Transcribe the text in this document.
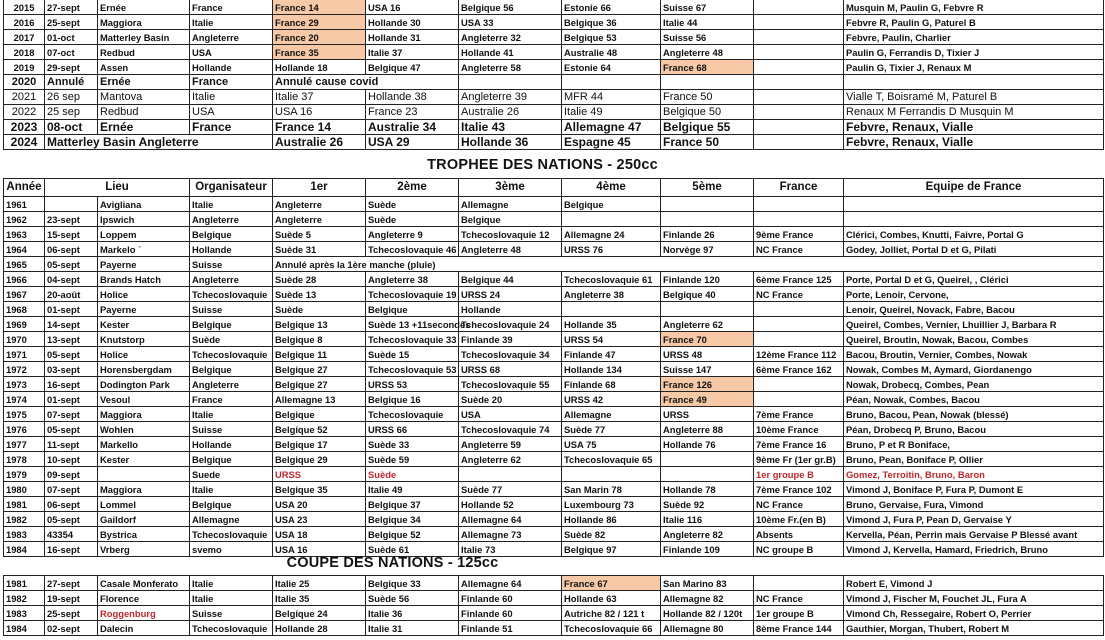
2015	27-sept	Ernée	France	France 14	USA 16	Belgique 56	Estonie 66	Suisse 67		Musquin M, Paulin G, Febvre R
2016	25-sept	Maggiora	Italie	France 29	Hollande 30	USA 33	Belgique 36	Italie 44		Febvre R, Paulin G, Paturel B
2017	01-oct	Matterley Basin	Angleterre	France 20	Hollande 31	Angleterre 32	Belgique 53	Suisse 56		Febvre, Paulin, Charlier
2018	07-oct	Redbud	USA	France 35	Italie 37	Hollande 41	Australie 48	Angleterre 48		Paulin G, Ferrandis D, Tixier J
2019	29-sept	Assen	Hollande	Hollande 18	Belgique 47	Angleterre 58	Estonie 64	France 68		Paulin G, Tixier J, Renaux M
2020	Annulé	Ernée	France	Annulé cause covid						
2021	26 sep	Mantova	Italie	Italie 37	Hollande 38	Angleterre 39	MFR 44	France 50		Vialle T, Boisramé M, Paturel B
2022	25 sep	Redbud	USA	USA 16	France 23	Australie 26	Italie 49	Belgique 50		Renaux M Ferrandis D Musquin M
2023	08-oct	Ernée	France	France 14	Australie 34	Italie 43	Allemagne 47	Belgique 55		Febvre, Renaux, Vialle
2024	Matterley Basin Angleterre			Australie 26	USA 29	Hollande 36	Espagne 45	France 50		Febvre, Renaux, Vialle
TROPHEE DES NATIONS - 250cc
Année	Lieu		Organisateur	1er	2ème	3ème	4ème	5ème	France	Equipe de France
1961		Avigliana	Italie	Angleterre	Suède	Allemagne	Belgique			
1962	23-sept	Ipswich	Angleterre	Angleterre	Suède	Belgique				
1963	15-sept	Loppem	Belgique	Suède 5	Angleterre 9	Tchecoslovaquie 12	Allemagne 24	Finlande 26	9ème France	Clérici, Combes, Knutti, Faivre, Portal G
1964	06-sept	Markelo ˋ	Hollande	Suède 31	Tchecoslovaquie 46	Angleterre 48	URSS 76	Norvège 97	NC France	Godey, Jolliet, Portal D et G, Pilati
1965	05-sept	Payerne	Suisse	Annulé après la 1ère manche (pluie)						
1966	04-sept	Brands Hatch	Angleterre	Suède 28	Angleterre 38	Belgique 44	Tchecoslovaquie 61	Finlande 120	6ème France 125	Porte, Portal D et G, Queirel, , Clérici
1967	20-août	Holice	Tchecoslovaquie	Suède 13	Tchecoslovaquie 19	URSS 24	Angleterre 38	Belgique 40	NC France	Porte, Lenoir, Cervone,
1968	01-sept	Payerne	Suisse	Suède	Belgique	Hollande				Lenoir, Queirel, Novack, Fabre, Bacou
1969	14-sept	Kester	Belgique	Belgique 13	Suède 13 +11secondes	Tchecoslovaquie 24	Hollande 35	Angleterre 62		Queirel, Combes, Vernier, Lhuillier J, Barbara R
1970	13-sept	Knutstorp	Suède	Belgique 8	Tchecoslovaquie 33	Finlande 39	URSS 54	France 70		Queirel, Broutin, Nowak, Bacou, Combes
1971	05-sept	Holice	Tchecoslovaquie	Belgique 11	Suède 15	Tchecoslovaquie 34	Finlande 47	URSS 48	12ème France 112	Bacou, Broutin, Vernier, Combes, Nowak
1972	03-sept	Horensbergdam	Belgique	Belgique 27	Tchecoslovaquie 53	URSS 68	Hollande 134	Suisse 147	6ème France 162	Nowak, Combes M, Aymard, Giordanengo
1973	16-sept	Dodington Park	Angleterre	Belgique 27	URSS 53	Tchecoslovaquie 55	Finlande 68	France 126		Nowak, Drobecq, Combes, Pean
1974	01-sept	Vesoul	France	Allemagne 13	Belgique 16	Suède 20	URSS 42	France 49		Péan, Nowak, Combes, Bacou
1975	07-sept	Maggiora	Italie	Belgique	Tchecoslovaquie	USA	Allemagne	URSS	7ème France	Bruno, Bacou, Pean, Nowak (blessé)
1976	05-sept	Wohlen	Suisse	Belgique 52	URSS 66	Tchecoslovaquie 74	Suède 77	Angleterre 88	10ème France	Péan, Drobecq P, Bruno, Bacou
1977	11-sept	Markello	Hollande	Belgique 17	Suède 33	Angleterre 59	USA 75	Hollande 76	7ème France 16	Bruno, P et R Boniface,
1978	10-sept	Kester	Belgique	Belgique 29	Suède 59	Angleterre 62	Tchecoslovaquie 65		9ème Fr (1er gr.B)	Bruno, Pean, Boniface P, Ollier
1979	09-sept		Suede	URSS	Suède				1er groupe B	Gomez, Terroitin, Bruno, Baron
1980	07-sept	Maggiora	Italie	Belgique 35	Italie 49	Suède 77	San Marin 78	Hollande 78	7ème France 102	Vimond J, Boniface P, Fura P, Dumont E
1981	06-sept	Lommel	Belgique	USA 20	Belgique 37	Hollande 52	Luxembourg 73	Suède 92	NC France	Bruno, Gervaise, Fura, Vimond
1982	05-sept	Gaildorf	Allemagne	USA 23	Belgique 34	Allemagne 64	Hollande 86	Italie 116	10ème Fr.(en B)	Vimond J, Fura P, Pean D, Gervaise Y
1983	43354	Bystrica	Tchecoslovaquie	USA 18	Belgique 52	Allemagne 73	Suède 82	Angleterre 82	Absents	Kervella, Péan, Perrin mais Gervaise P Blessé avant
1984	16-sept	Vrberg	svemo	USA 16	Suède 61	Italie 73	Belgique 97	Finlande 109	NC groupe B	Vimond J, Kervella, Hamard, Friedrich, Bruno
COUPE DES NATIONS - 125cc
1981	27-sept	Casale Monferato	Italie	Italie 25	Belgique 33	Allemagne 64	France 67	San Marino 83		Robert E, Vimond J
1982	19-sept	Florence	Italie	Italie 35	Suède 56	Finlande 60	Hollande 63	Allemagne 82	NC France	Vimond J, Fischer M, Fouchet JL, Fura A
1983	25-sept	Roggenburg	Suisse	Belgique 24	Italie 36	Finlande 60	Autriche 82 / 121 t	Hollande 82 / 120t	1er groupe B	Vimond Ch, Ressegaire, Robert O, Perrier
1984	02-sept	Dalecin	Tchecoslovaquie	Hollande 28	Italie 31	Finlande 51	Tchecoslovaquie 66	Allemagne 80	8ème France 144	Gauthier, Morgan, Thubert, Robert M
